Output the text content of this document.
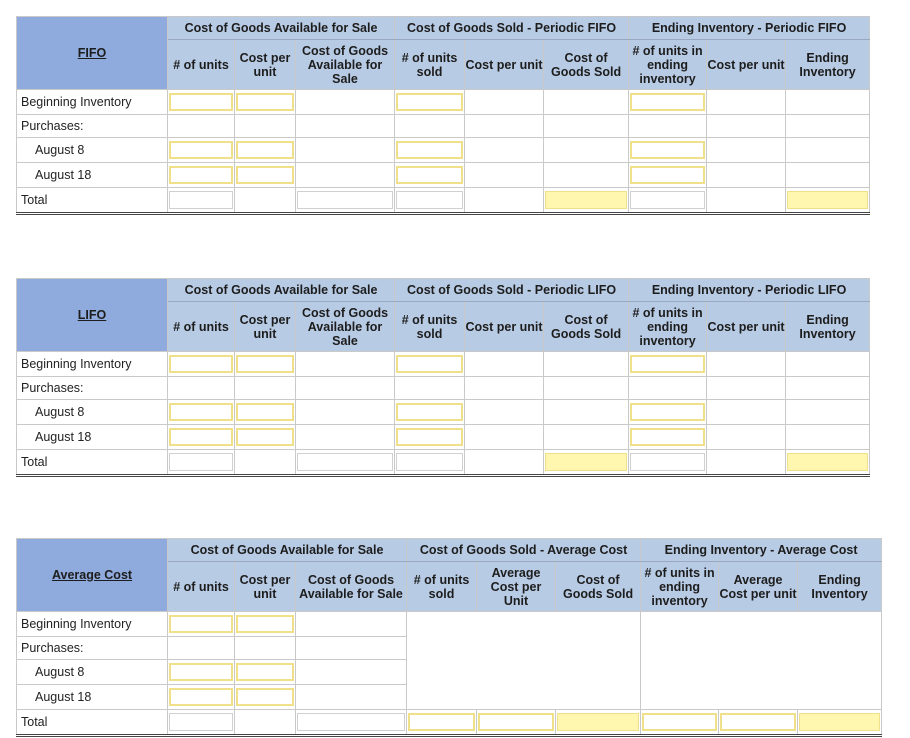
FIFO	Cost of Goods Available for Sale			Cost of Goods Sold - Periodic FIFO			Ending Inventory - Periodic FIFO		
	# of units	Cost per unit	Cost of Goods Available for Sale	# of units sold	Cost per unit	Cost of Goods Sold	# of units in ending inventory	Cost per unit	Ending Inventory
Beginning Inventory	

Purchases:									
August 8	

August 18	

Total	

LIFO	Cost of Goods Available for Sale			Cost of Goods Sold - Periodic LIFO			Ending Inventory - Periodic LIFO		
	# of units	Cost per unit	Cost of Goods Available for Sale	# of units sold	Cost per unit	Cost of Goods Sold	# of units in ending inventory	Cost per unit	Ending Inventory
Beginning Inventory	

Purchases:									
August 8	

August 18	

Total	

Average Cost	Cost of Goods Available for Sale			Cost of Goods Sold - Average Cost			Ending Inventory - Average Cost		
	# of units	Cost per unit	Cost of Goods Available for Sale	# of units sold	Average Cost per Unit	Cost of Goods Sold	# of units in ending inventory	Average Cost per unit	Ending Inventory
Beginning Inventory					

Purchases:									
August 8							

August 18							

Total	
